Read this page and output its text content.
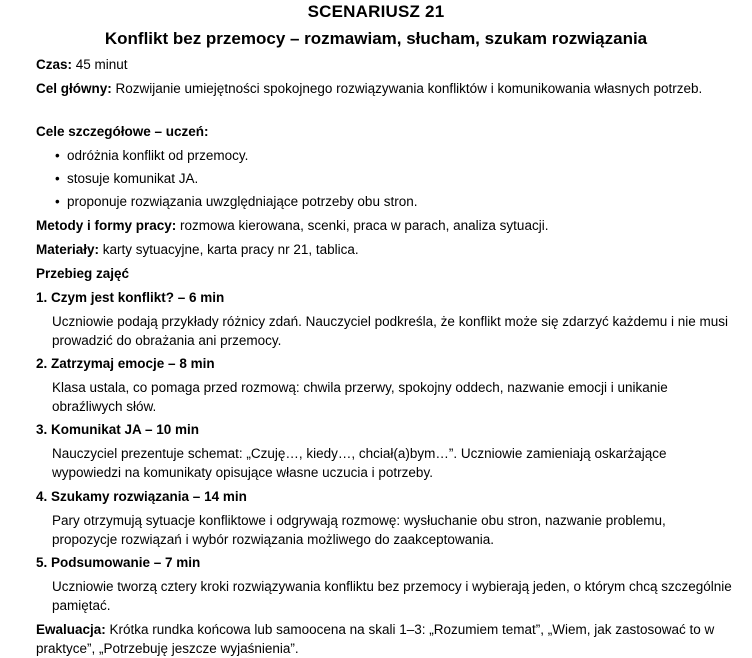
SCENARIUSZ 21
Konflikt bez przemocy – rozmawiam, słucham, szukam rozwiązania
Czas: 45 minut
Cel główny: Rozwijanie umiejętności spokojnego rozwiązywania konfliktów i komunikowania własnych potrzeb.
Cele szczegółowe – uczeń:
• odróżnia konflikt od przemocy.
• stosuje komunikat JA.
• proponuje rozwiązania uwzględniające potrzeby obu stron.
Metody i formy pracy: rozmowa kierowana, scenki, praca w parach, analiza sytuacji.
Materiały: karty sytuacyjne, karta pracy nr 21, tablica.
Przebieg zajęć
1. Czym jest konflikt? – 6 min
Uczniowie podają przykłady różnicy zdań. Nauczyciel podkreśla, że konflikt może się zdarzyć każdemu i nie musi prowadzić do obrażania ani przemocy.
2. Zatrzymaj emocje – 8 min
Klasa ustala, co pomaga przed rozmową: chwila przerwy, spokojny oddech, nazwanie emocji i unikanie obraźliwych słów.
3. Komunikat JA – 10 min
Nauczyciel prezentuje schemat: „Czuję…, kiedy…, chciał(a)bym…”. Uczniowie zamieniają oskarżające wypowiedzi na komunikaty opisujące własne uczucia i potrzeby.
4. Szukamy rozwiązania – 14 min
Pary otrzymują sytuacje konfliktowe i odgrywają rozmowę: wysłuchanie obu stron, nazwanie problemu, propozycje rozwiązań i wybór rozwiązania możliwego do zaakceptowania.
5. Podsumowanie – 7 min
Uczniowie tworzą cztery kroki rozwiązywania konfliktu bez przemocy i wybierają jeden, o którym chcą szczególnie pamiętać.
Ewaluacja: Krótka rundka końcowa lub samoocena na skali 1–3: „Rozumiem temat”, „Wiem, jak zastosować to w praktyce”, „Potrzebuję jeszcze wyjaśnienia”.
